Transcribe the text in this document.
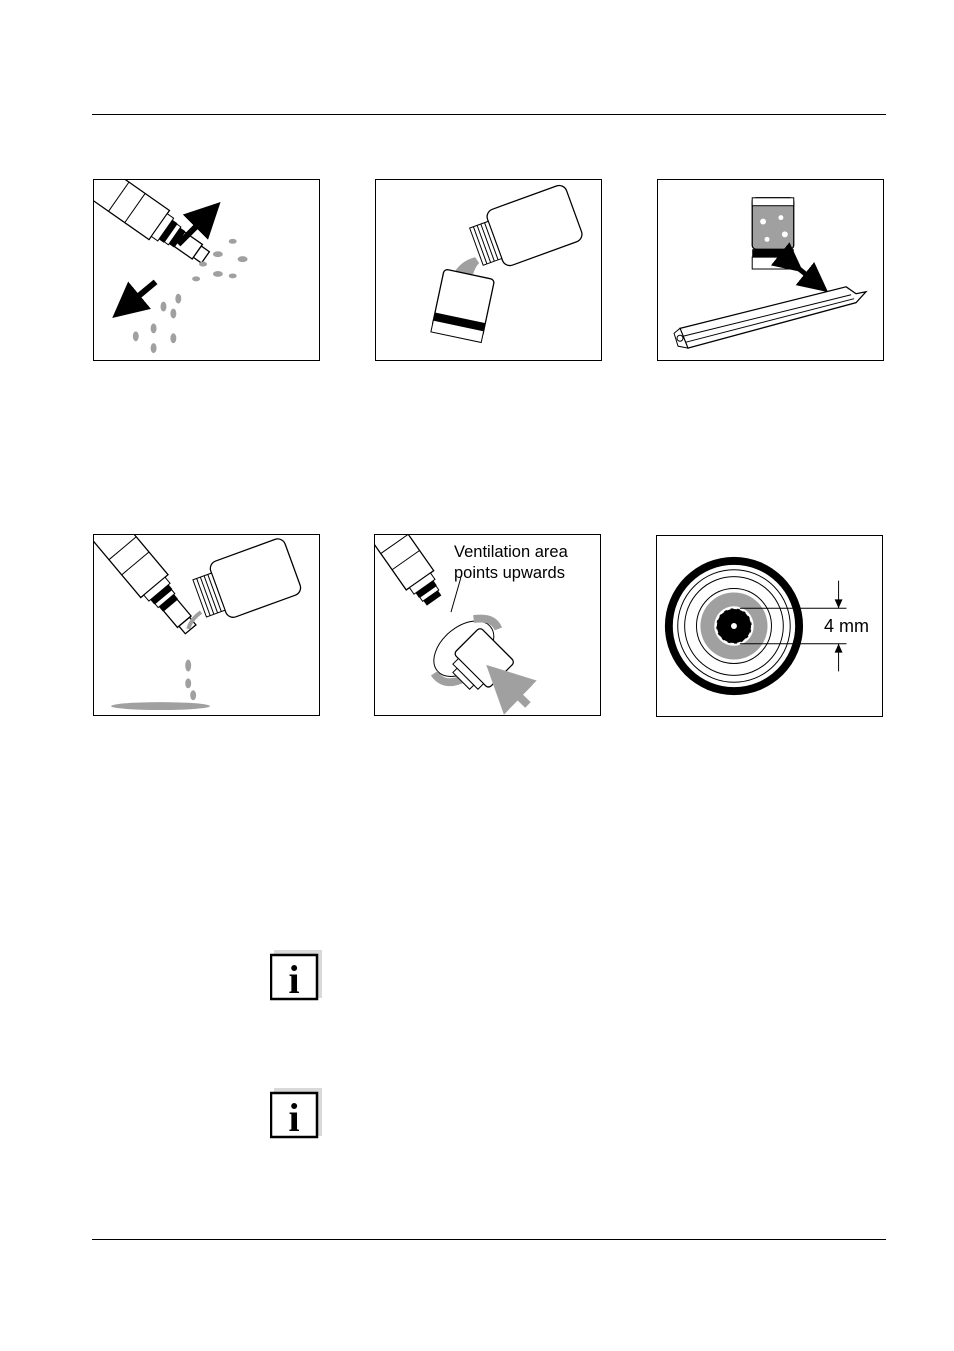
Ventilation area
points upwards
4 mm
i
i
